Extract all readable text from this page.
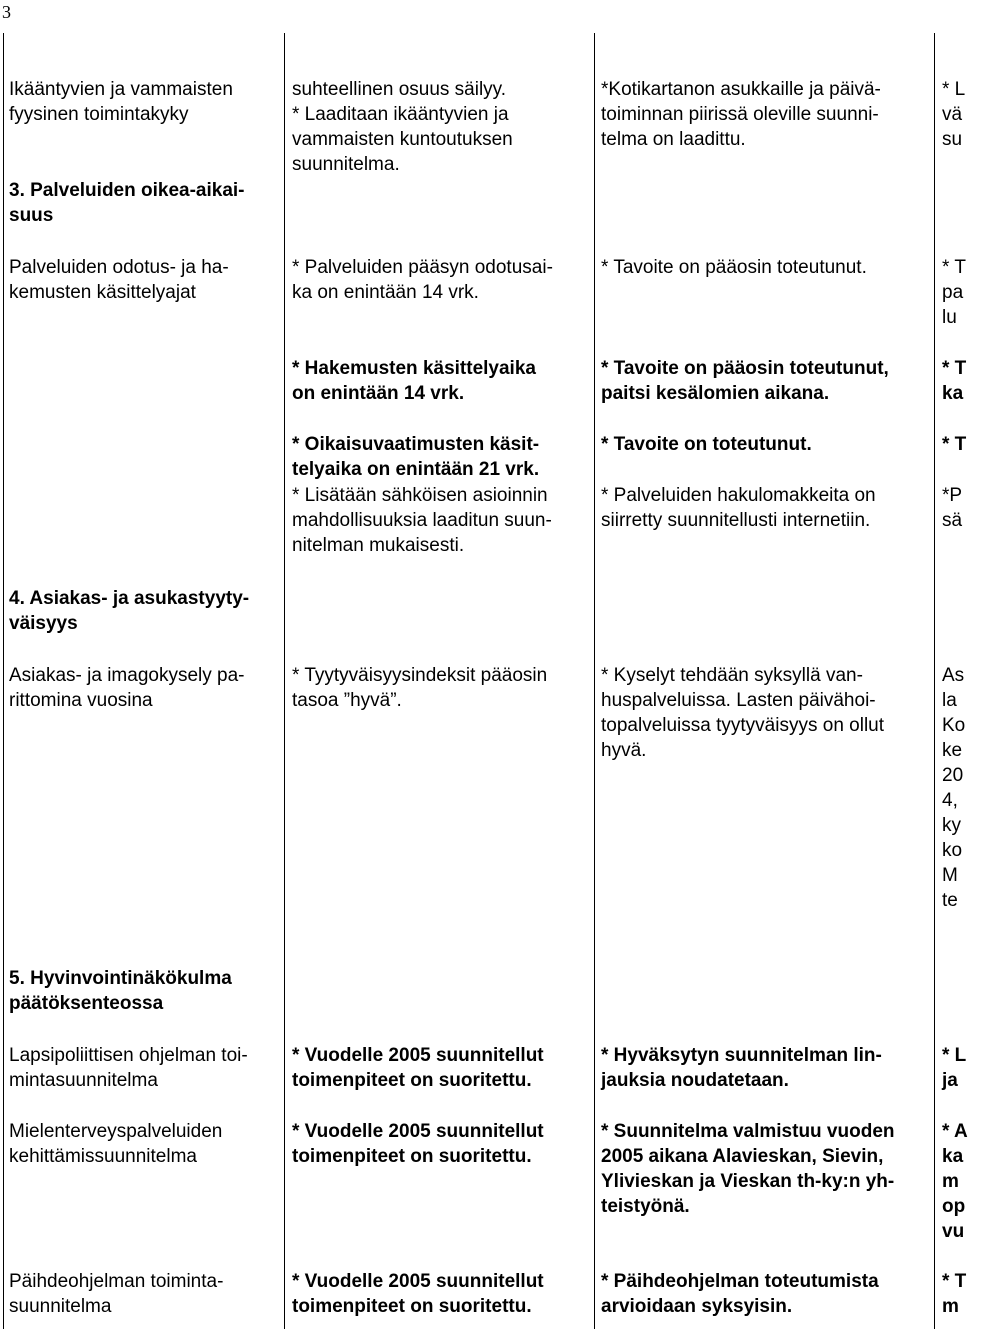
3
Ikääntyvien ja vammaisten
fyysinen toimintakyky
suhteellinen osuus säilyy.
* Laaditaan ikääntyvien ja
vammaisten kuntoutuksen
suunnitelma.
*Kotikartanon asukkaille ja päivä-
toiminnan piirissä oleville suunni-
telma on laadittu.
* L
vä
su
3. Palveluiden oikea-aikai-
suus
Palveluiden odotus- ja ha-
kemusten käsittelyajat
* Palveluiden pääsyn odotusai-
ka on enintään 14 vrk.
* Tavoite on pääosin toteutunut.	* T
pa
lu
* Hakemusten käsittelyaika
on enintään 14 vrk.
* Tavoite on pääosin toteutunut,
paitsi kesälomien aikana.
* T
ka
* Oikaisuvaatimusten käsit-
telyaika on enintään 21 vrk.
* Tavoite on toteutunut.	* T
* Lisätään sähköisen asioinnin
mahdollisuuksia laaditun suun-
nitelman mukaisesti.
* Palveluiden hakulomakkeita on
siirretty suunnitellusti internetiin.
*P
sä
4. Asiakas- ja asukastyyty-
väisyys
Asiakas- ja imagokysely pa-
rittomina vuosina
* Tyytyväisyysindeksit pääosin
tasoa ”hyvä”.
* Kyselyt tehdään syksyllä van-
huspalveluissa. Lasten päivähoi-
topalveluissa tyytyväisyys on ollut
hyvä.
As
la
Ko
ke
20
4,
ky
ko
M
te
5. Hyvinvointinäkökulma
päätöksenteossa
Lapsipoliittisen ohjelman toi-
mintasuunnitelma
* Vuodelle 2005 suunnitellut
toimenpiteet on suoritettu.
* Hyväksytyn suunnitelman lin-
jauksia noudatetaan.
* L
ja
Mielenterveyspalveluiden
kehittämissuunnitelma
* Vuodelle 2005 suunnitellut
toimenpiteet on suoritettu.
* Suunnitelma valmistuu vuoden
2005 aikana Alavieskan, Sievin,
Ylivieskan ja Vieskan th-ky:n yh-
teistyönä.
* A
ka
m
op
vu
Päihdeohjelman toiminta-
suunnitelma
* Vuodelle 2005 suunnitellut
toimenpiteet on suoritettu.
* Päihdeohjelman toteutumista
arvioidaan syksyisin.
* T
m
